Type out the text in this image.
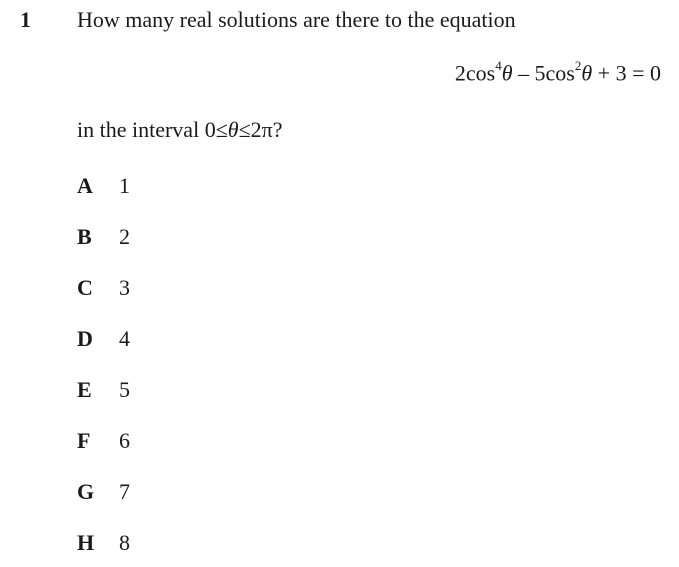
1 How many real solutions are there to the equation
$2\cos^4\theta - 5\cos^2\theta + 3 = 0$
in the interval 0≤θ≤2π?
A 1
B 2
C 3
D 4
E 5
F 6
G 7
H 8
